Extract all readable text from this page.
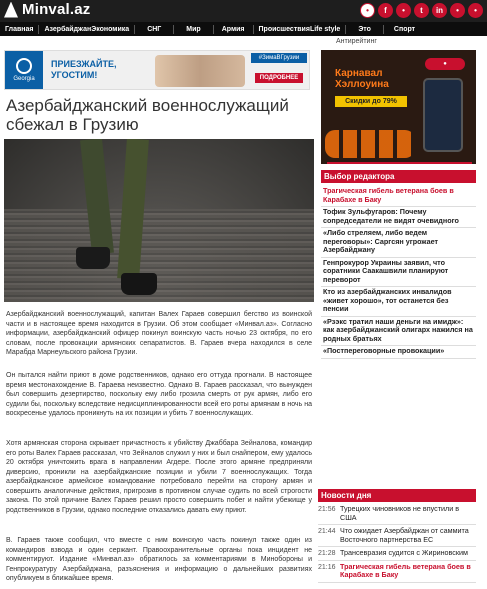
Minval.az	•	f	•	t	in	•	•
Главная	Азербайджан Экономика	СНГ	Мир	Армия	Происшествия Life style	Это	Спорт
Антирейтинг
Georgia
ПРИЕЗЖАЙТЕ,
УГОСТИМ!
#ЗимаВГрузии
ПОДРОБНЕЕ
Азербайджанский военнослужащий сбежал в Грузию

Азербайджанский военнослужащий, капитан Валех Гараев совершил бегство из воинской части и в настоящее время находится в Грузии. Об этом сообщает «Минвал.аз». Согласно информации, азербайджанский офицер покинул воинскую часть ночью 23 октября, по его словам, после провокации армянских сепаратистов. В. Гараев вчера находился в селе Марабда Марнеульского района Грузии.

Он пытался найти приют в доме родственников, однако его оттуда прогнали. В настоящее время местонахождение В. Гараева неизвестно. Однако В. Гараев рассказал, что вынужден был совершить дезертирство, поскольку ему либо грозила смерть от рук армян, либо его судили бы, поскольку вследствие недисциплинированности всей его роты армянам в ночь на воскресенье удалось проникнуть на их позиции и убить 7 военнослужащих.

Хотя армянская сторона скрывает причастность к убийству Джаббара Зейналова, командир его роты Валех Гараев рассказал, что Зейналов служил у них и был снайпером, ему удалось 20 октября уничтожить врага в направлении Агдере. После этого армяне предприняли диверсию, проникли на азербайджанские позиции и убили 7 военнослужащих. Тогда азербайджанское армейское командование потребовало перейти на сторону армян и совершить аналогичные действия, пригрозив в противном случае судить по всей строгости закона. По этой причине Валех Гараев решил просто совершить побег и найти убежище у родственников в Грузии, однако последние отказались давать ему приют.

В. Гараев также сообщил, что вместе с ним воинскую часть покинул также один из командиров взвода и один сержант. Правоохранительные органы пока инцидент не комментируют. Издание «Минвал.аз» обратилось за комментариями в Минобороны и Генпрокуратуру Азербайджана, разъяснения и информацию о дальнейших развитиях опубликуем в ближайшее время.

●
Карнавал
Хэллоуина
Скидки до 79%
Выбор редактора
Трагическая гибель ветерана боев в Карабахе в Баку
Тофик Зульфугаров: Почему сопредседатели не видят очевидного
«Либо стреляем, либо ведем переговоры»: Саргсян угрожает Азербайджану
Генпрокурор Украины заявил, что соратники Саакашвили планируют переворот
Кто из азербайджанских инвалидов «живет хорошо», тот останется без пенсии
«Рзэкс тратил наши деньги на имидж»: как азербайджанский олигарх нажился на родных братьях
«Постпереговорные провокации»
Новости дня
21:56 Турецких чиновников не впустили в США
21:44 Что ожидает Азербайджан от саммита Восточного партнерства ЕС
21:28 Трансевразия судится с Жириновским
21:16 Трагическая гибель ветерана боев в Карабахе в Баку
